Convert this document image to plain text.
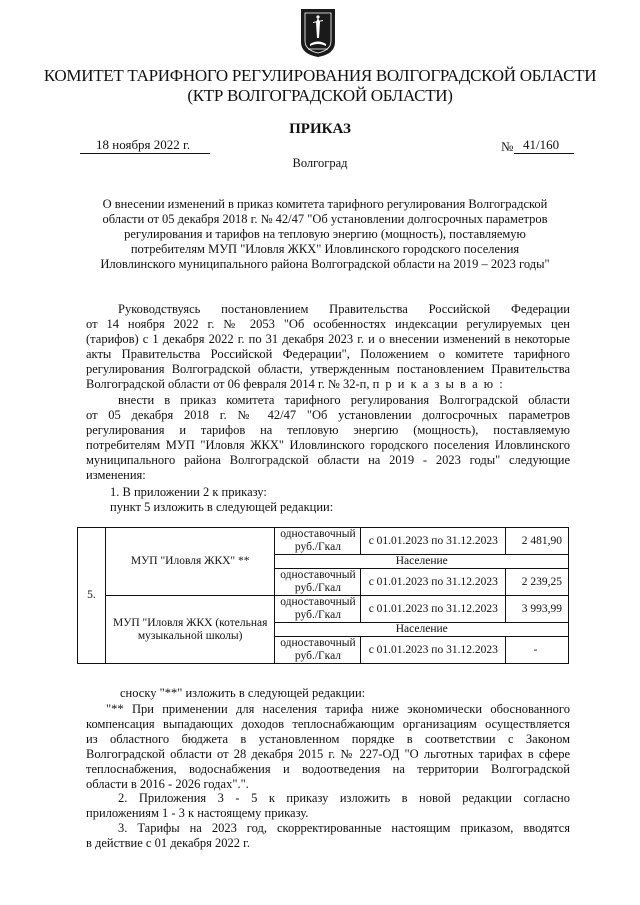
КОМИТЕТ ТАРИФНОГО РЕГУЛИРОВАНИЯ ВОЛГОГРАДСКОЙ ОБЛАСТИ
(КТР ВОЛГОГРАДСКОЙ ОБЛАСТИ)
ПРИКАЗ
18 ноября 2022 г.	№ 41/160
Волгоград
О внесении изменений в приказ комитета тарифного регулирования Волгоградской
области от 05 декабря 2018 г. № 42/47 "Об установлении долгосрочных параметров
регулирования и тарифов на тепловую энергию (мощность), поставляемую
потребителям МУП "Иловля ЖКХ" Иловлинского городского поселения
Иловлинского муниципального района Волгоградской области на 2019 – 2023 годы"
Руководствуясь постановлением Правительства Российской Федерации
от 14 ноября 2022 г. № 2053 "Об особенностях индексации регулируемых цен
(тарифов) с 1 декабря 2022 г. по 31 декабря 2023 г. и о внесении изменений в некоторые
акты Правительства Российской Федерации", Положением о комитете тарифного
регулирования Волгоградской области, утвержденным постановлением Правительства
Волгоградской области от 06 февраля 2014 г. № 32-п, п р и к а з ы в а ю :
внести в приказ комитета тарифного регулирования Волгоградской области
от 05 декабря 2018 г. № 42/47 "Об установлении долгосрочных параметров
регулирования и тарифов на тепловую энергию (мощность), поставляемую
потребителям МУП "Иловля ЖКХ" Иловлинского городского поселения Иловлинского
муниципального района Волгоградской области на 2019 - 2023 годы" следующие
изменения:
1. В приложении 2 к приказу:
пункт 5 изложить в следующей редакции:
5.	МУП "Иловля ЖКХ" **	одноставочный руб./Гкал	с 01.01.2023 по 31.12.2023	2 481,90
		Население		
		одноставочный руб./Гкал	с 01.01.2023 по 31.12.2023	2 239,25
	МУП "Иловля ЖКХ (котельная музыкальной школы)	одноставочный руб./Гкал	с 01.01.2023 по 31.12.2023	3 993,99
		Население		
		одноставочный руб./Гкал	с 01.01.2023 по 31.12.2023	-
сноску "**" изложить в следующей редакции:
"** При применении для населения тарифа ниже экономически обоснованного
компенсация выпадающих доходов теплоснабжающим организациям осуществляется
из областного бюджета в установленном порядке в соответствии с Законом
Волгоградской области от 28 декабря 2015 г. № 227-ОД "О льготных тарифах в сфере
теплоснабжения, водоснабжения и водоотведения на территории Волгоградской
области в 2016 - 2026 годах".".
2. Приложения 3 - 5 к приказу изложить в новой редакции согласно
приложениям 1 - 3 к настоящему приказу.
3. Тарифы на 2023 год, скорректированные настоящим приказом, вводятся
в действие с 01 декабря 2022 г.
